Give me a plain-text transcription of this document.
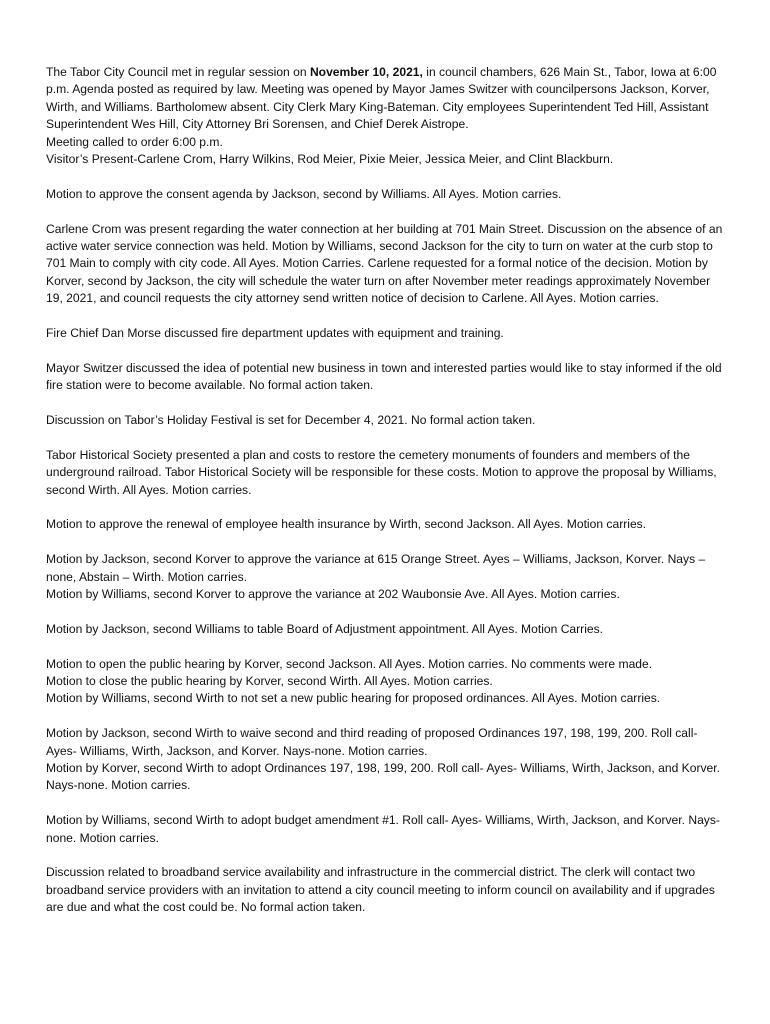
The Tabor City Council met in regular session on November 10, 2021, in council chambers, 626 Main St., Tabor, Iowa at 6:00 p.m. Agenda posted as required by law. Meeting was opened by Mayor James Switzer with councilpersons Jackson, Korver, Wirth, and Williams. Bartholomew absent. City Clerk Mary King-Bateman. City employees Superintendent Ted Hill, Assistant Superintendent Wes Hill, City Attorney Bri Sorensen, and Chief Derek Aistrope.
Meeting called to order 6:00 p.m.
Visitor’s Present-Carlene Crom, Harry Wilkins, Rod Meier, Pixie Meier, Jessica Meier, and Clint Blackburn.

Motion to approve the consent agenda by Jackson, second by Williams. All Ayes. Motion carries.

Carlene Crom was present regarding the water connection at her building at 701 Main Street. Discussion on the absence of an active water service connection was held. Motion by Williams, second Jackson for the city to turn on water at the curb stop to 701 Main to comply with city code. All Ayes. Motion Carries. Carlene requested for a formal notice of the decision. Motion by Korver, second by Jackson, the city will schedule the water turn on after November meter readings approximately November 19, 2021, and council requests the city attorney send written notice of decision to Carlene. All Ayes. Motion carries.

Fire Chief Dan Morse discussed fire department updates with equipment and training.

Mayor Switzer discussed the idea of potential new business in town and interested parties would like to stay informed if the old fire station were to become available. No formal action taken.

Discussion on Tabor’s Holiday Festival is set for December 4, 2021. No formal action taken.

Tabor Historical Society presented a plan and costs to restore the cemetery monuments of founders and members of the underground railroad. Tabor Historical Society will be responsible for these costs. Motion to approve the proposal by Williams, second Wirth. All Ayes. Motion carries.

Motion to approve the renewal of employee health insurance by Wirth, second Jackson. All Ayes. Motion carries.

Motion by Jackson, second Korver to approve the variance at 615 Orange Street. Ayes – Williams, Jackson, Korver. Nays – none, Abstain – Wirth. Motion carries.
Motion by Williams, second Korver to approve the variance at 202 Waubonsie Ave. All Ayes. Motion carries.

Motion by Jackson, second Williams to table Board of Adjustment appointment. All Ayes. Motion Carries.

Motion to open the public hearing by Korver, second Jackson. All Ayes. Motion carries. No comments were made.
Motion to close the public hearing by Korver, second Wirth. All Ayes. Motion carries.
Motion by Williams, second Wirth to not set a new public hearing for proposed ordinances. All Ayes. Motion carries.

Motion by Jackson, second Wirth to waive second and third reading of proposed Ordinances 197, 198, 199, 200. Roll call- Ayes- Williams, Wirth, Jackson, and Korver. Nays-none. Motion carries.
Motion by Korver, second Wirth to adopt Ordinances 197, 198, 199, 200. Roll call- Ayes- Williams, Wirth, Jackson, and Korver. Nays-none. Motion carries.

Motion by Williams, second Wirth to adopt budget amendment #1. Roll call- Ayes- Williams, Wirth, Jackson, and Korver. Nays-none. Motion carries.

Discussion related to broadband service availability and infrastructure in the commercial district. The clerk will contact two broadband service providers with an invitation to attend a city council meeting to inform council on availability and if upgrades are due and what the cost could be. No formal action taken.
